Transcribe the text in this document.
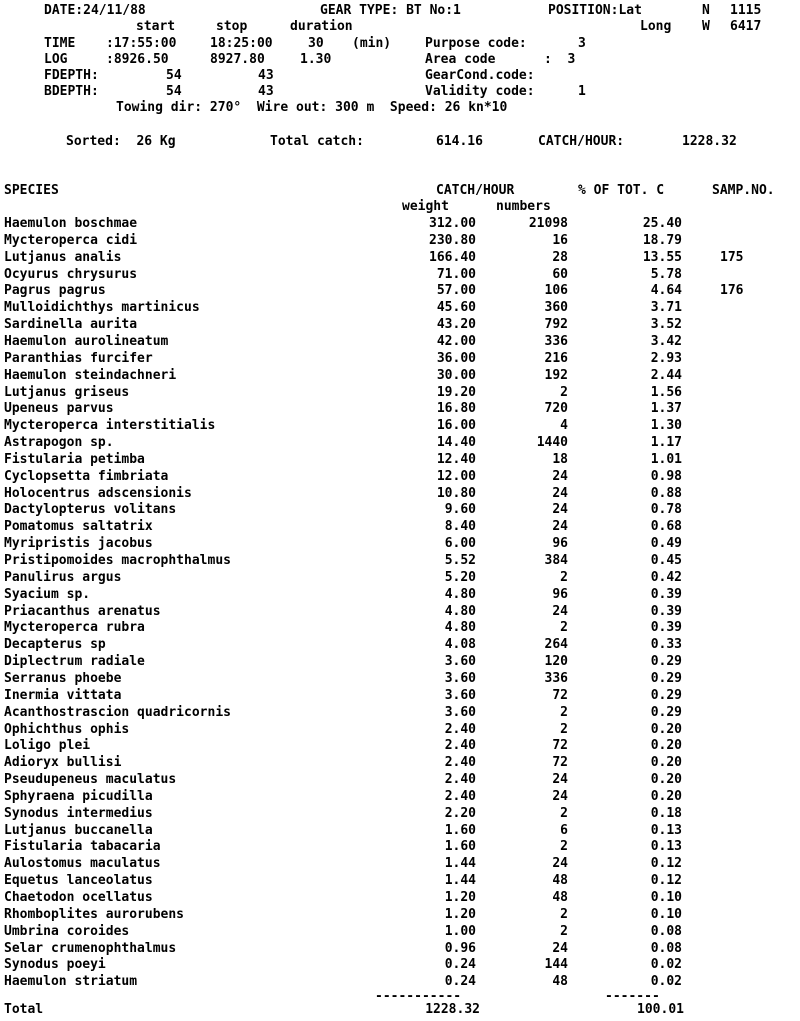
DATE:24/11/88	GEAR TYPE: BT No:1	POSITION:Lat	N 1115
start	stop	duration	Long W 6417
TIME :17:55:00	18:25:00	30 (min)	Purpose code:	3
LOG	:8926.50	8927.80	1.30	Area code	:  3
FDEPTH:	54	43	GearCond.code:
BDEPTH:	54	43	Validity code:	1
Towing dir: 270°  Wire out: 300 m  Speed: 26 kn*10
Sorted:  26 Kg	Total catch:	614.16	CATCH/HOUR:	1228.32
SPECIES	CATCH/HOUR	% OF TOT. C	SAMP.NO.
weight	numbers
Haemulon boschmae	312.00	21098	25.40
Mycteroperca cidi	230.80	16	18.79
Lutjanus analis	166.40	28	13.55	175
Ocyurus chrysurus	71.00	60	5.78
Pagrus pagrus	57.00	106	4.64	176
Mulloidichthys martinicus	45.60	360	3.71
Sardinella aurita	43.20	792	3.52
Haemulon aurolineatum	42.00	336	3.42
Paranthias furcifer	36.00	216	2.93
Haemulon steindachneri	30.00	192	2.44
Lutjanus griseus	19.20	2	1.56
Upeneus parvus	16.80	720	1.37
Mycteroperca interstitialis	16.00	4	1.30
Astrapogon sp.	14.40	1440	1.17
Fistularia petimba	12.40	18	1.01
Cyclopsetta fimbriata	12.00	24	0.98
Holocentrus adscensionis	10.80	24	0.88
Dactylopterus volitans	9.60	24	0.78
Pomatomus saltatrix	8.40	24	0.68
Myripristis jacobus	6.00	96	0.49
Pristipomoides macrophthalmus	5.52	384	0.45
Panulirus argus	5.20	2	0.42
Syacium sp.	4.80	96	0.39
Priacanthus arenatus	4.80	24	0.39
Mycteroperca rubra	4.80	2	0.39
Decapterus sp	4.08	264	0.33
Diplectrum radiale	3.60	120	0.29
Serranus phoebe	3.60	336	0.29
Inermia vittata	3.60	72	0.29
Acanthostrascion quadricornis	3.60	2	0.29
Ophichthus ophis	2.40	2	0.20
Loligo plei	2.40	72	0.20
Adioryx bullisi	2.40	72	0.20
Pseudupeneus maculatus	2.40	24	0.20
Sphyraena picudilla	2.40	24	0.20
Synodus intermedius	2.20	2	0.18
Lutjanus buccanella	1.60	6	0.13
Fistularia tabacaria	1.60	2	0.13
Aulostomus maculatus	1.44	24	0.12
Equetus lanceolatus	1.44	48	0.12
Chaetodon ocellatus	1.20	48	0.10
Rhomboplites aurorubens	1.20	2	0.10
Umbrina coroides	1.00	2	0.08
Selar crumenophthalmus	0.96	24	0.08
Synodus poeyi	0.24	144	0.02
Haemulon striatum	0.24	48	0.02
-----------	-------
Total	1228.32	100.01
